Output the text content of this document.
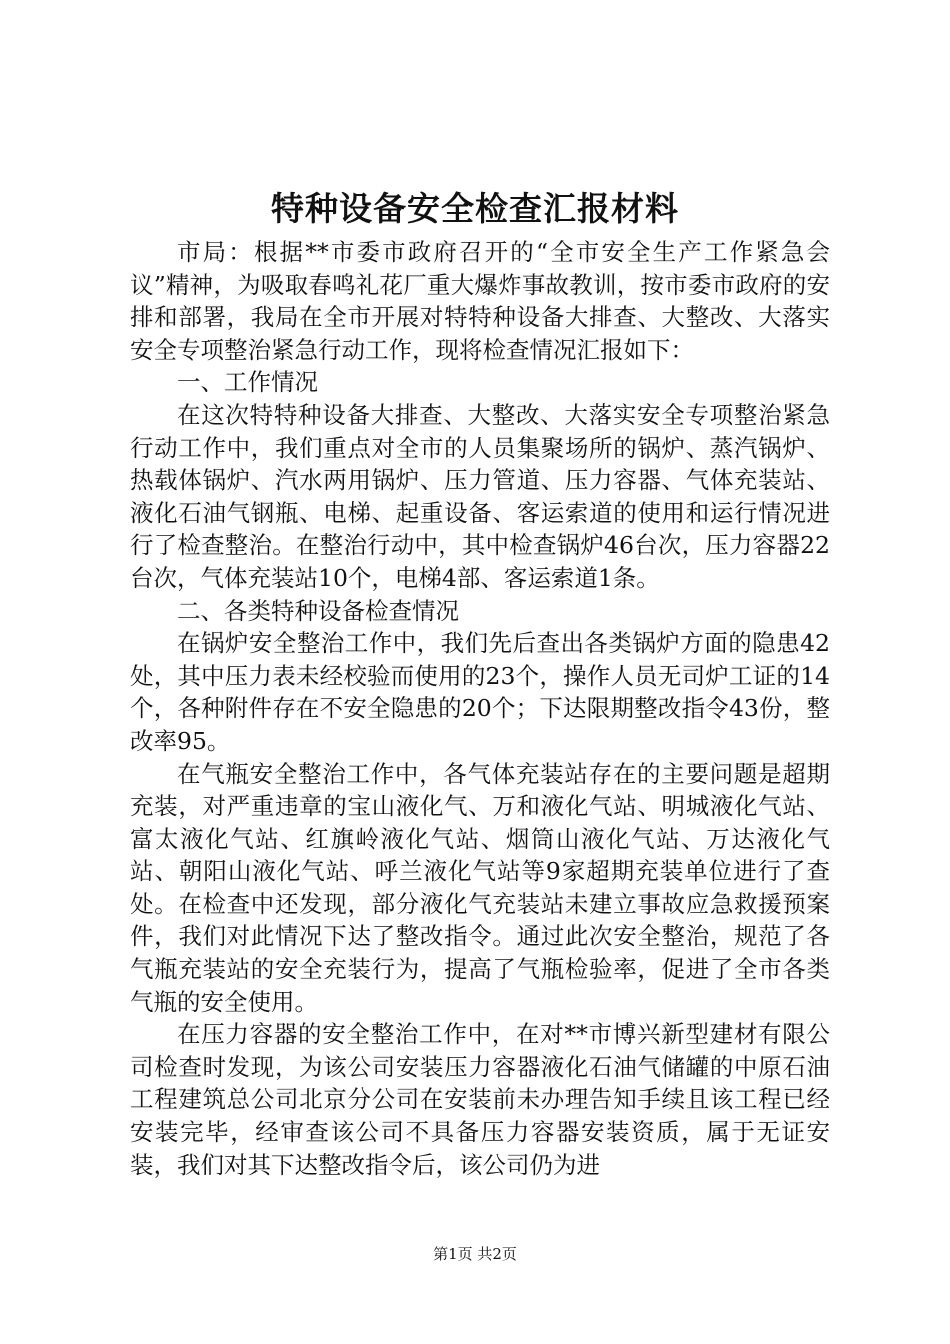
特种设备安全检查汇报材料

市局：根据**市委市政府召开的“全市安全生产工作紧急会议”精神，为吸取春鸣礼花厂重大爆炸事故教训，按市委市政府的安排和部署，我局在全市开展对特特种设备大排查、大整改、大落实安全专项整治紧急行动工作，现将检查情况汇报如下：

一、工作情况

在这次特特种设备大排查、大整改、大落实安全专项整治紧急行动工作中，我们重点对全市的人员集聚场所的锅炉、蒸汽锅炉、热载体锅炉、汽水两用锅炉、压力管道、压力容器、气体充装站、液化石油气钢瓶、电梯、起重设备、客运索道的使用和运行情况进行了检查整治。在整治行动中，其中检查锅炉46台次，压力容器22台次，气体充装站10个，电梯4部、客运索道1条。

二、各类特种设备检查情况

在锅炉安全整治工作中，我们先后查出各类锅炉方面的隐患42处，其中压力表未经校验而使用的23个，操作人员无司炉工证的14个，各种附件存在不安全隐患的20个；下达限期整改指令43份，整改率95。

在气瓶安全整治工作中，各气体充装站存在的主要问题是超期充装，对严重违章的宝山液化气、万和液化气站、明城液化气站、富太液化气站、红旗岭液化气站、烟筒山液化气站、万达液化气站、朝阳山液化气站、呼兰液化气站等9家超期充装单位进行了查处。在检查中还发现，部分液化气充装站未建立事故应急救援预案件，我们对此情况下达了整改指令。通过此次安全整治，规范了各气瓶充装站的安全充装行为，提高了气瓶检验率，促进了全市各类气瓶的安全使用。

在压力容器的安全整治工作中，在对**市博兴新型建材有限公司检查时发现，为该公司安装压力容器液化石油气储罐的中原石油工程建筑总公司北京分公司在安装前未办理告知手续且该工程已经安装完毕，经审查该公司不具备压力容器安装资质，属于无证安装，我们对其下达整改指令后，该公司仍为进

第1页 共2页
